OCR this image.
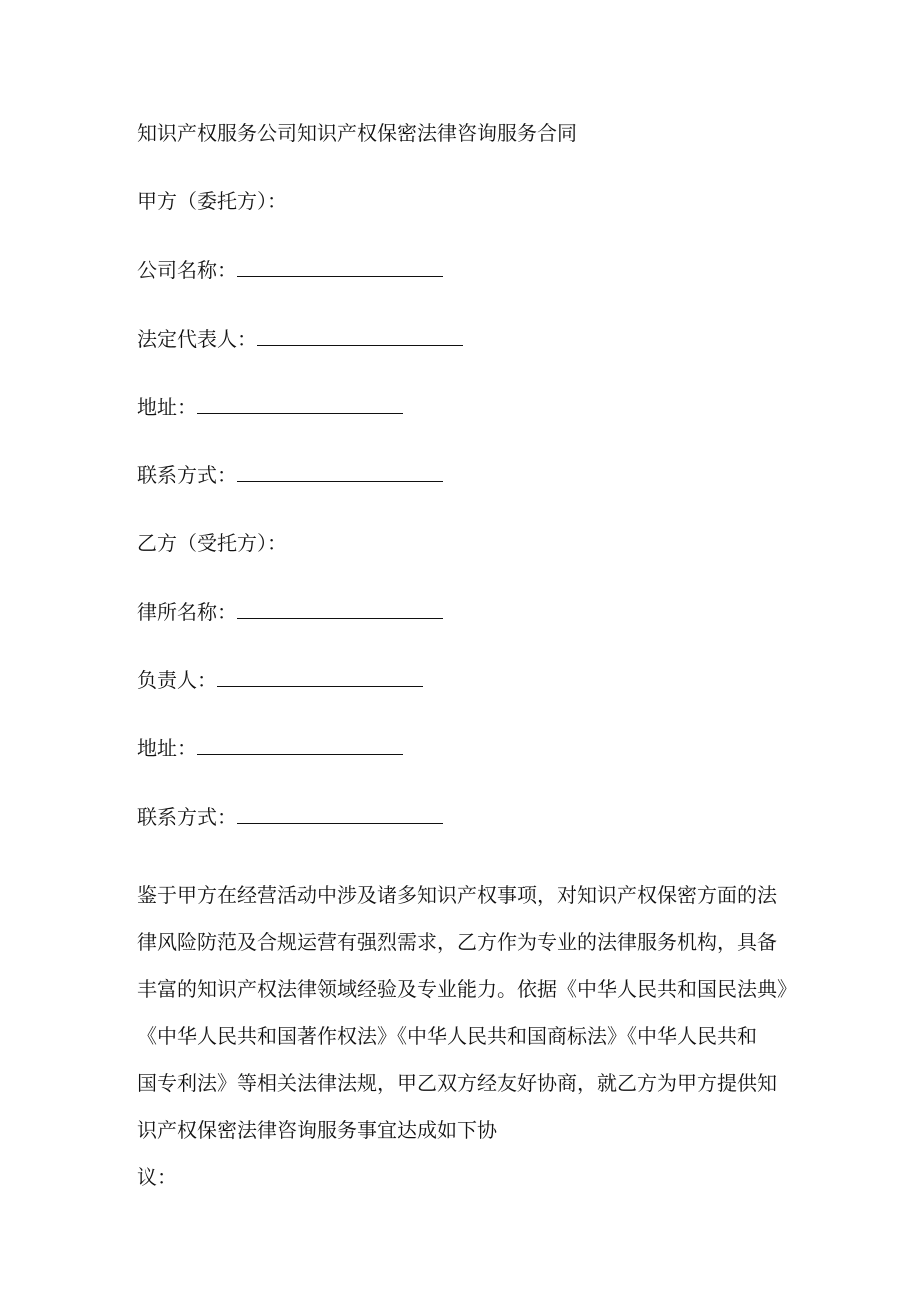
知识产权服务公司知识产权保密法律咨询服务合同
甲方（委托方）：
公司名称：
法定代表人：
地址：
联系方式：
乙方（受托方）：
律所名称：
负责人：
地址：
联系方式：
鉴于甲方在经营活动中涉及诸多知识产权事项，对知识产权保密方面的法
律风险防范及合规运营有强烈需求，乙方作为专业的法律服务机构，具备
丰富的知识产权法律领域经验及专业能力。依据《中华人民共和国民法典》
《中华人民共和国著作权法》《中华人民共和国商标法》《中华人民共和
国专利法》等相关法律法规，甲乙双方经友好协商，就乙方为甲方提供知
识产权保密法律咨询服务事宜达成如下协
议：
